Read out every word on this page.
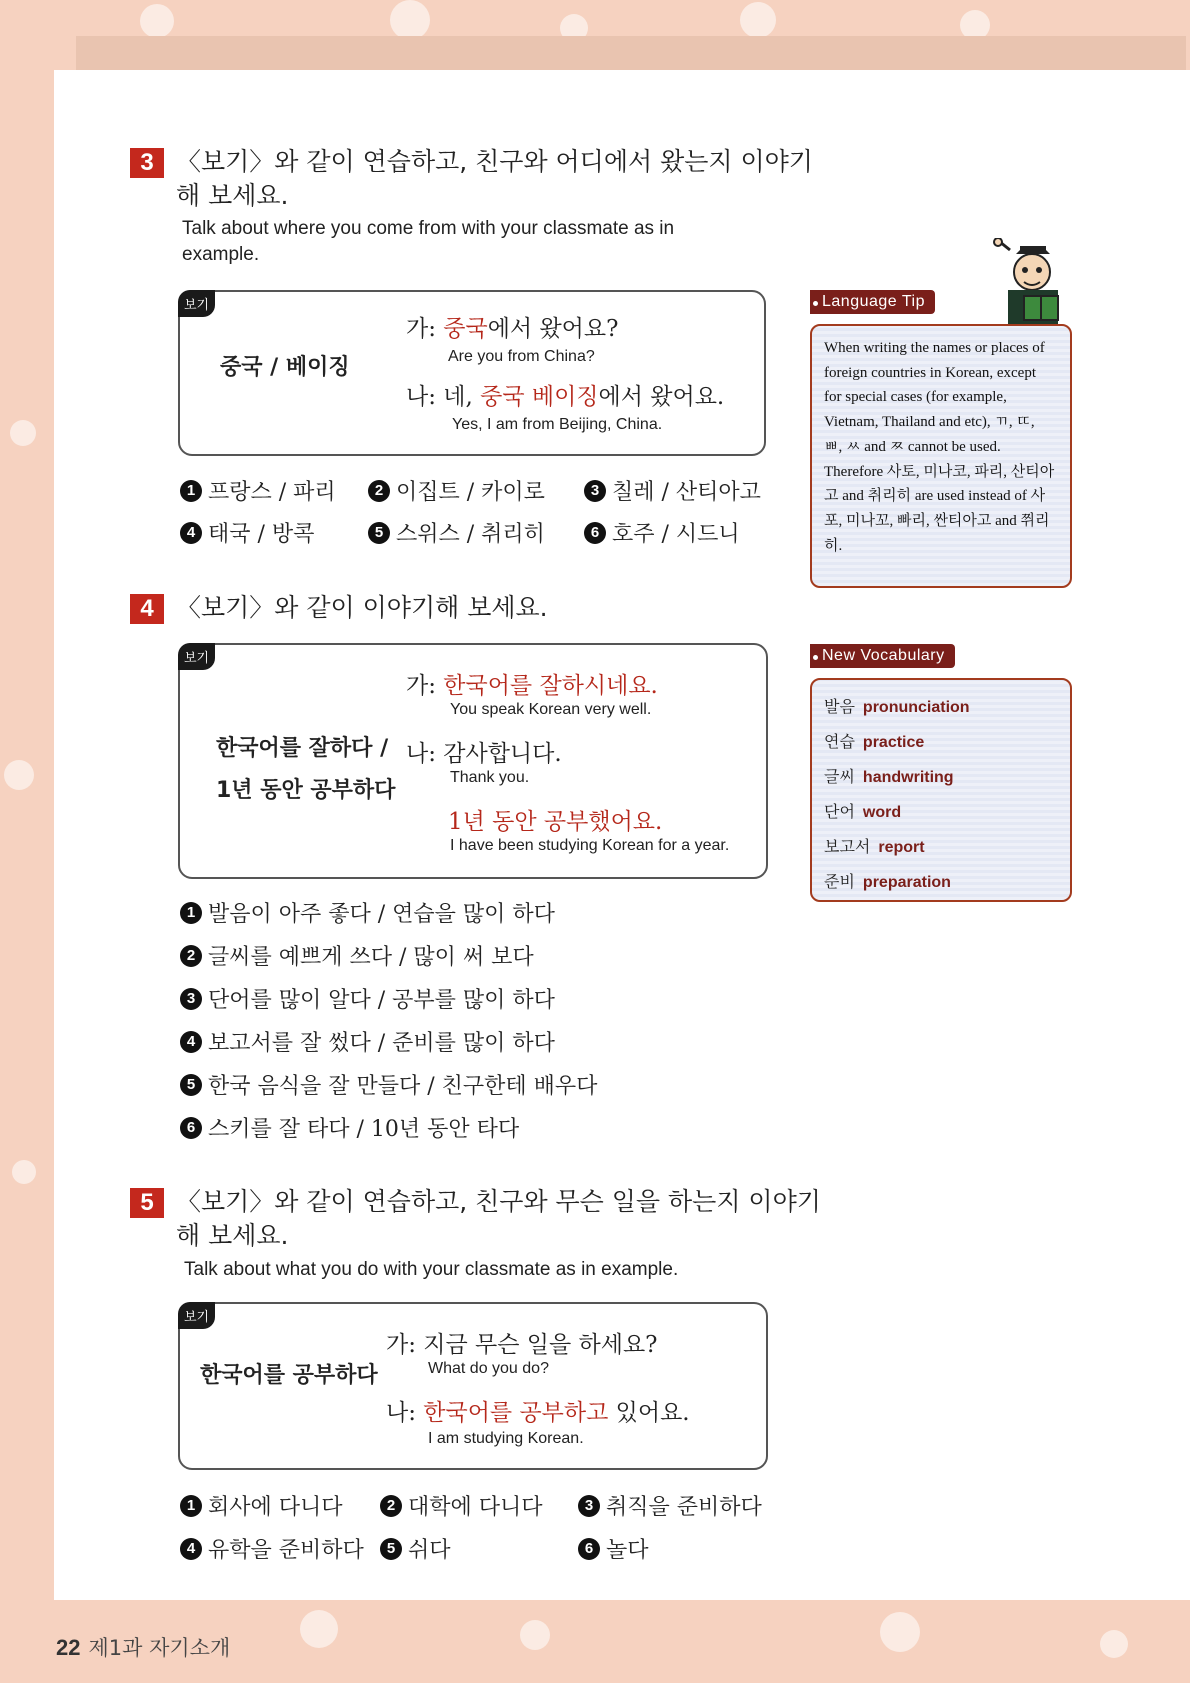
3 〈보기〉와 같이 연습하고, 친구와 어디에서 왔는지 이야기
해 보세요.
Talk about where you come from with your classmate as in
example.
보기
중국 / 베이징
가: 중국에서 왔어요?
Are you from China?
나: 네, 중국 베이징에서 왔어요.
Yes, I am from Beijing, China.
1 프랑스 / 파리	2 이집트 / 카이로	3 칠레 / 산티아고
4 태국 / 방콕	5 스위스 / 취리히	6 호주 / 시드니
4 〈보기〉와 같이 이야기해 보세요.
보기
한국어를 잘하다 /
1년 동안 공부하다
가: 한국어를 잘하시네요.
You speak Korean very well.
나: 감사합니다.
Thank you.
1년 동안 공부했어요.
I have been studying Korean for a year.
1 발음이 아주 좋다 / 연습을 많이 하다
2 글씨를 예쁘게 쓰다 / 많이 써 보다
3 단어를 많이 알다 / 공부를 많이 하다
4 보고서를 잘 썼다 / 준비를 많이 하다
5 한국 음식을 잘 만들다 / 친구한테 배우다
6 스키를 잘 타다 / 10년 동안 타다
5 〈보기〉와 같이 연습하고, 친구와 무슨 일을 하는지 이야기
해 보세요.
Talk about what you do with your classmate as in example.
보기
한국어를 공부하다
가: 지금 무슨 일을 하세요?
What do you do?
나: 한국어를 공부하고 있어요.
I am studying Korean.
1 회사에 다니다	2 대학에 다니다	3 취직을 준비하다
4 유학을 준비하다	5 쉬다	6 놀다
Language Tip
When writing the names or places of foreign countries in Korean, except for special cases (for example, Vietnam, Thailand and etc), ㄲ, ㄸ, ㅃ, ㅆ and ㅉ cannot be used. Therefore 사토, 미나코, 파리, 산티아고 and 취리히 are used instead of 사포, 미나꼬, 빠리, 싼티아고 and 쮜리히.
New Vocabulary
발음 pronunciation
연습 practice
글씨 handwriting
단어 word
보고서 report
준비 preparation
22 제1과 자기소개
